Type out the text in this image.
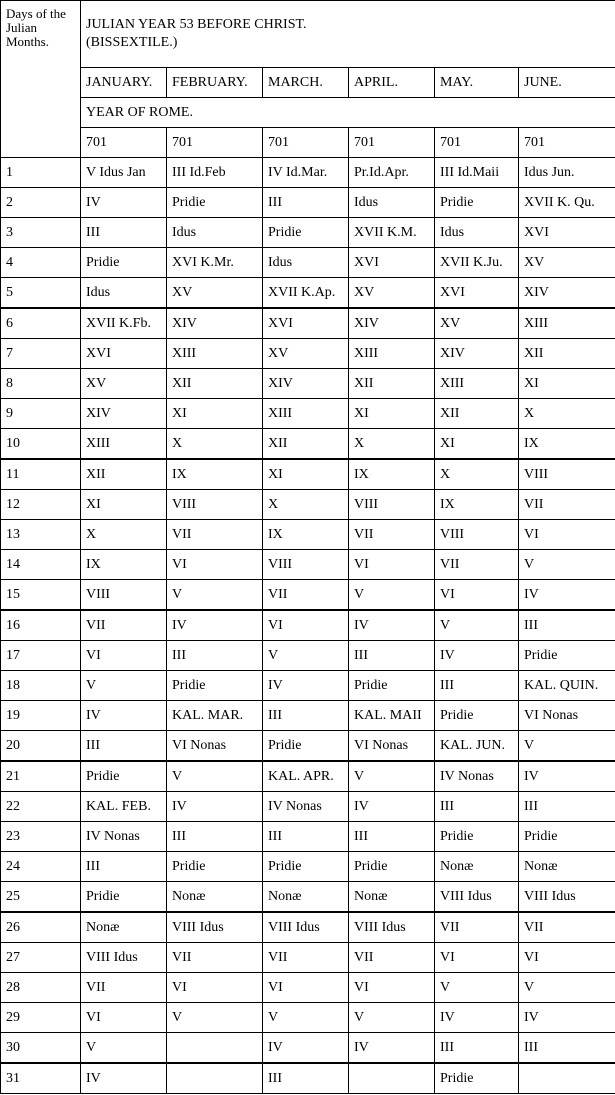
Days of the Julian Months.	JULIAN YEAR 53 BEFORE CHRIST.
(BISSEXTILE.)					

	JANUARY.	FEBRUARY.	MARCH.	APRIL.	MAY.	JUNE.
	YEAR OF ROME.					
	701	701	701	701	701	701
1	V Idus Jan	III Id.Feb	IV Id.Mar.	Pr.Id.Apr.	III Id.Maii	Idus Jun.
2	IV	Pridie	III	Idus	Pridie	XVII K. Qu.
3	III	Idus	Pridie	XVII K.M.	Idus	XVI
4	Pridie	XVI K.Mr.	Idus	XVI	XVII K.Ju.	XV
5	Idus	XV	XVII K.Ap.	XV	XVI	XIV
6	XVII K.Fb.	XIV	XVI	XIV	XV	XIII
7	XVI	XIII	XV	XIII	XIV	XII
8	XV	XII	XIV	XII	XIII	XI
9	XIV	XI	XIII	XI	XII	X
10	XIII	X	XII	X	XI	IX
11	XII	IX	XI	IX	X	VIII
12	XI	VIII	X	VIII	IX	VII
13	X	VII	IX	VII	VIII	VI
14	IX	VI	VIII	VI	VII	V
15	VIII	V	VII	V	VI	IV
16	VII	IV	VI	IV	V	III
17	VI	III	V	III	IV	Pridie
18	V	Pridie	IV	Pridie	III	KAL. QUIN.
19	IV	KAL. MAR.	III	KAL. MAII	Pridie	VI Nonas
20	III	VI Nonas	Pridie	VI Nonas	KAL. JUN.	V
21	Pridie	V	KAL. APR.	V	IV Nonas	IV
22	KAL. FEB.	IV	IV Nonas	IV	III	III
23	IV Nonas	III	III	III	Pridie	Pridie
24	III	Pridie	Pridie	Pridie	Nonæ	Nonæ
25	Pridie	Nonæ	Nonæ	Nonæ	VIII Idus	VIII Idus
26	Nonæ	VIII Idus	VIII Idus	VIII Idus	VII	VII
27	VIII Idus	VII	VII	VII	VI	VI
28	VII	VI	VI	VI	V	V
29	VI	V	V	V	IV	IV
30	V		IV	IV	III	III
31	IV		III		Pridie	
